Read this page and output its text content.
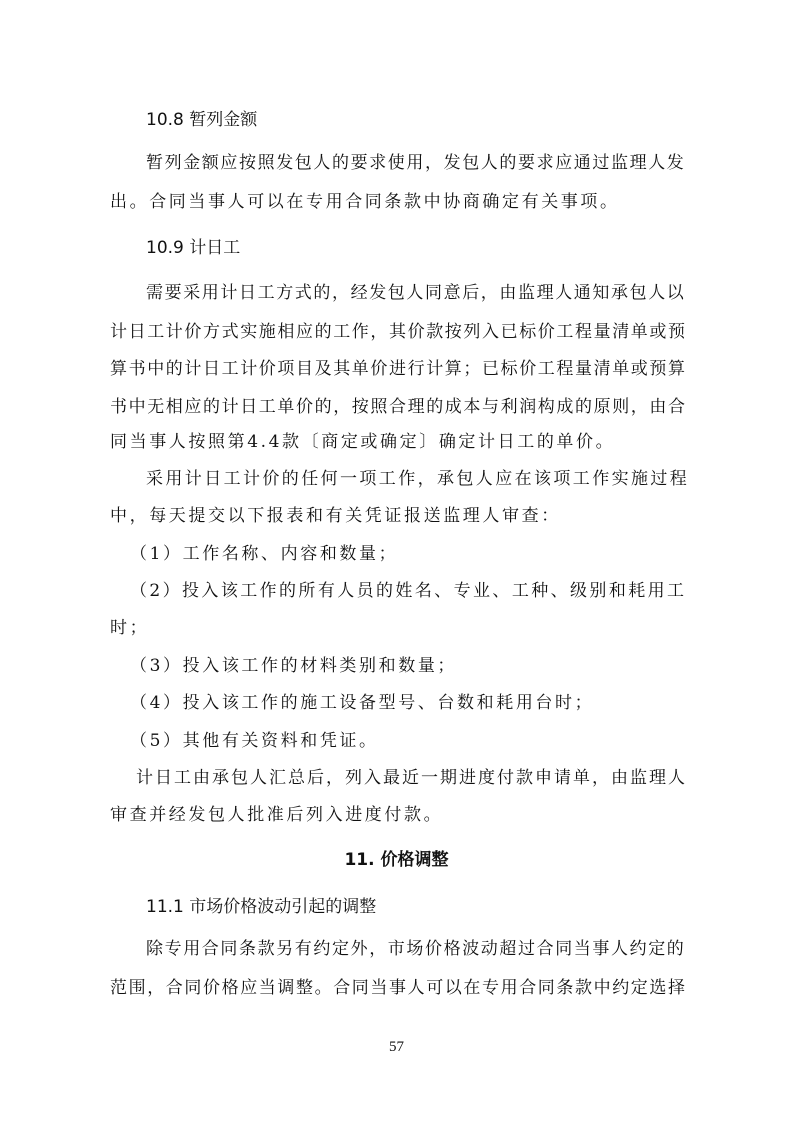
10.8 暂列金额
暂列金额应按照发包人的要求使用，发包人的要求应通过监理人发
出。合同当事人可以在专用合同条款中协商确定有关事项。
10.9 计日工
需要采用计日工方式的，经发包人同意后，由监理人通知承包人以
计日工计价方式实施相应的工作，其价款按列入已标价工程量清单或预
算书中的计日工计价项目及其单价进行计算；已标价工程量清单或预算
书中无相应的计日工单价的，按照合理的成本与利润构成的原则，由合
同当事人按照第4.4款〔商定或确定〕确定计日工的单价。
采用计日工计价的任何一项工作，承包人应在该项工作实施过程
中，每天提交以下报表和有关凭证报送监理人审查：
（1）工作名称、内容和数量；
（2）投入该工作的所有人员的姓名、专业、工种、级别和耗用工
时；
（3）投入该工作的材料类别和数量；
（4）投入该工作的施工设备型号、台数和耗用台时；
（5）其他有关资料和凭证。
计日工由承包人汇总后，列入最近一期进度付款申请单，由监理人
审查并经发包人批准后列入进度付款。
11. 价格调整
11.1 市场价格波动引起的调整
除专用合同条款另有约定外，市场价格波动超过合同当事人约定的
范围，合同价格应当调整。合同当事人可以在专用合同条款中约定选择
57
